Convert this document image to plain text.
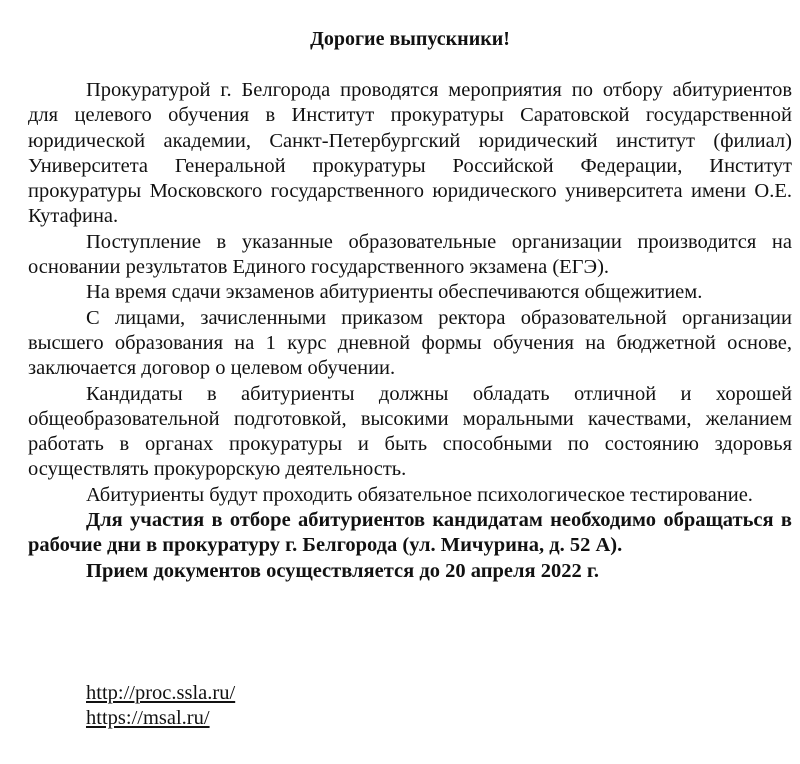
Дорогие выпускники!

Прокуратурой г. Белгорода проводятся мероприятия по отбору абитуриентов для целевого обучения в Институт прокуратуры Саратовской государственной юридической академии, Санкт-Петербургский юридический институт (филиал) Университета Генеральной прокуратуры Российской Федерации, Институт прокуратуры Московского государственного юридического университета имени О.Е. Кутафина.

Поступление в указанные образовательные организации производится на основании результатов Единого государственного экзамена (ЕГЭ).

На время сдачи экзаменов абитуриенты обеспечиваются общежитием.

С лицами, зачисленными приказом ректора образовательной организации высшего образования на 1 курс дневной формы обучения на бюджетной основе, заключается договор о целевом обучении.

Кандидаты в абитуриенты должны обладать отличной и хорошей общеобразовательной подготовкой, высокими моральными качествами, желанием работать в органах прокуратуры и быть способными по состоянию здоровья осуществлять прокурорскую деятельность.

Абитуриенты будут проходить обязательное психологическое тестирование.

Для участия в отборе абитуриентов кандидатам необходимо обращаться в рабочие дни в прокуратуру г. Белгорода (ул. Мичурина, д. 52 А).

Прием документов осуществляется до 20 апреля 2022 г.

http://proc.ssla.ru/
https://msal.ru/
